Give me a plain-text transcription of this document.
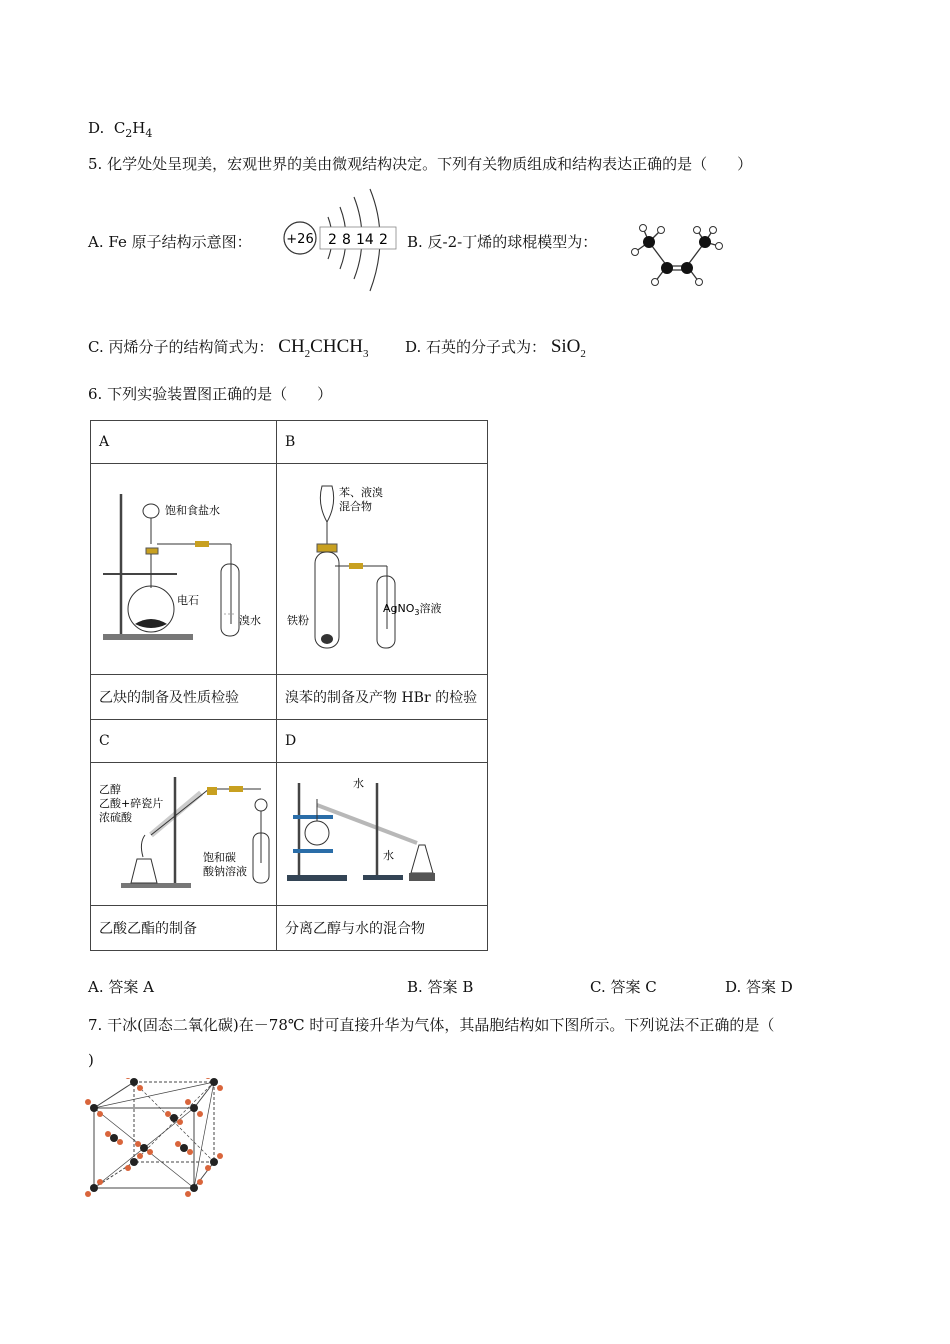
D. $C_2H_4$
5. 化学处处呈现美，宏观世界的美由微观结构决定。下列有关物质组成和结构表达正确的是（　　）
A. Fe 原子结构示意图：	+26 2 8 14 2 B. 反-2-丁烯的球棍模型为：
C. 丙烯分子的结构简式为： $CH_2CHCH_3$ D. 石英的分子式为： SiO$_2$
6. 下列实验装置图正确的是（　　）
A	B

饱和食盐水
电石
溴水	苯、液溴
混合物
AgNO$_3$溶液
铁粉

乙炔的制备及性质检验	溴苯的制备及产物 HBr 的检验
C	D

乙醇
乙酸+碎瓷片
浓硫酸
饱和碳
酸钠溶液	水
水

乙酸乙酯的制备	分离乙醇与水的混合物
A. 答案 A	B. 答案 B	C. 答案 C	D. 答案 D
7. 干冰(固态二氧化碳)在－78℃ 时可直接升华为气体，其晶胞结构如下图所示。下列说法不正确的是（
)
